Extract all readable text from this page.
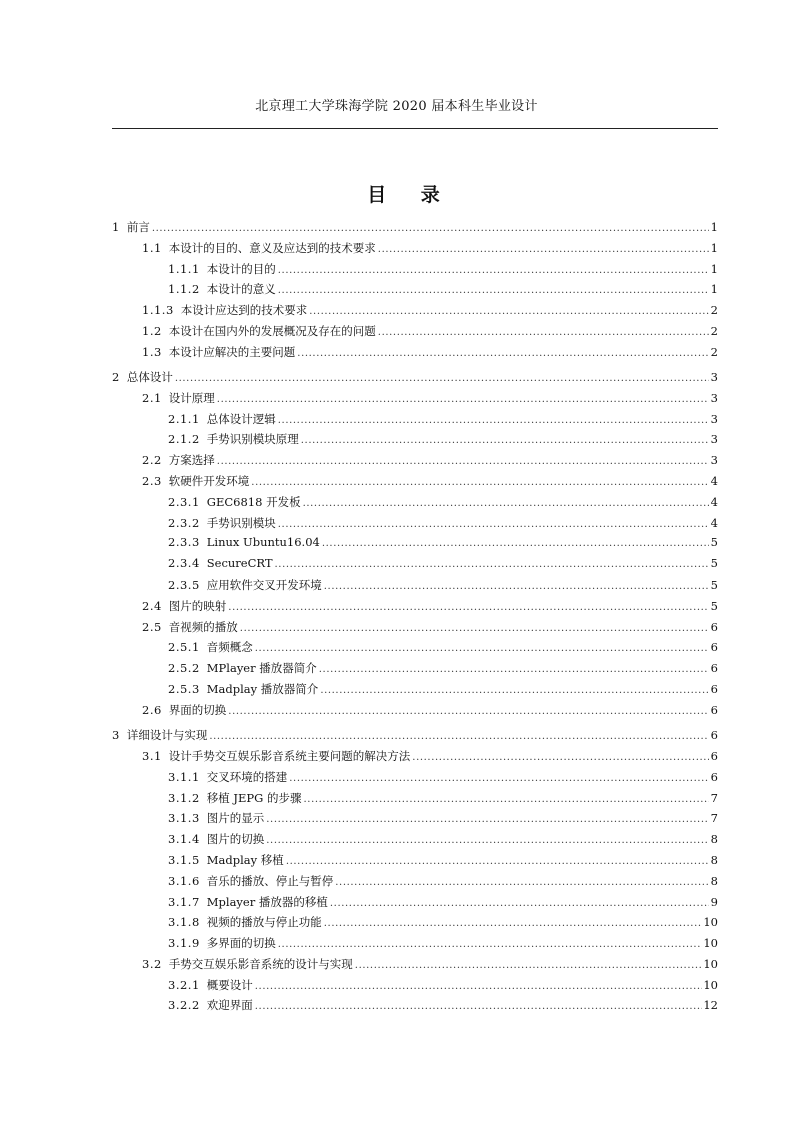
北京理工大学珠海学院 2020 届本科生毕业设计
目 录
1 前言 .....	1
1.1 本设计的目的、意义及应达到的技术要求 .....	1
1.1.1 本设计的目的 .....	1
1.1.2 本设计的意义 .....	1
1.1.3 本设计应达到的技术要求 .....	2
1.2 本设计在国内外的发展概况及存在的问题 .....	2
1.3 本设计应解决的主要问题 .....	2
2 总体设计 .....	3
2.1 设计原理 .....	3
2.1.1 总体设计逻辑 .....	3
2.1.2 手势识别模块原理 .....	3
2.2 方案选择 .....	3
2.3 软硬件开发环境 .....	4
2.3.1 GEC6818 开发板 .....	4
2.3.2 手势识别模块 .....	4
2.3.3 Linux Ubuntu16.04 .....	5
2.3.4 SecureCRT .....	5
2.3.5 应用软件交叉开发环境 .....	5
2.4 图片的映射 .....	5
2.5 音视频的播放 .....	6
2.5.1 音频概念 .....	6
2.5.2 MPlayer 播放器简介 .....	6
2.5.3 Madplay 播放器简介 .....	6
2.6 界面的切换 .....	6
3 详细设计与实现 .....	6
3.1 设计手势交互娱乐影音系统主要问题的解决方法 .....	6
3.1.1 交叉环境的搭建 .....	6
3.1.2 移植 JEPG 的步骤 .....	7
3.1.3 图片的显示 .....	7
3.1.4 图片的切换 .....	8
3.1.5 Madplay 移植 .....	8
3.1.6 音乐的播放、停止与暂停 .....	8
3.1.7 Mplayer 播放器的移植 .....	9
3.1.8 视频的播放与停止功能 .....	10
3.1.9 多界面的切换 .....	10
3.2 手势交互娱乐影音系统的设计与实现 .....	10
3.2.1 概要设计 .....	10
3.2.2 欢迎界面 .....	12
